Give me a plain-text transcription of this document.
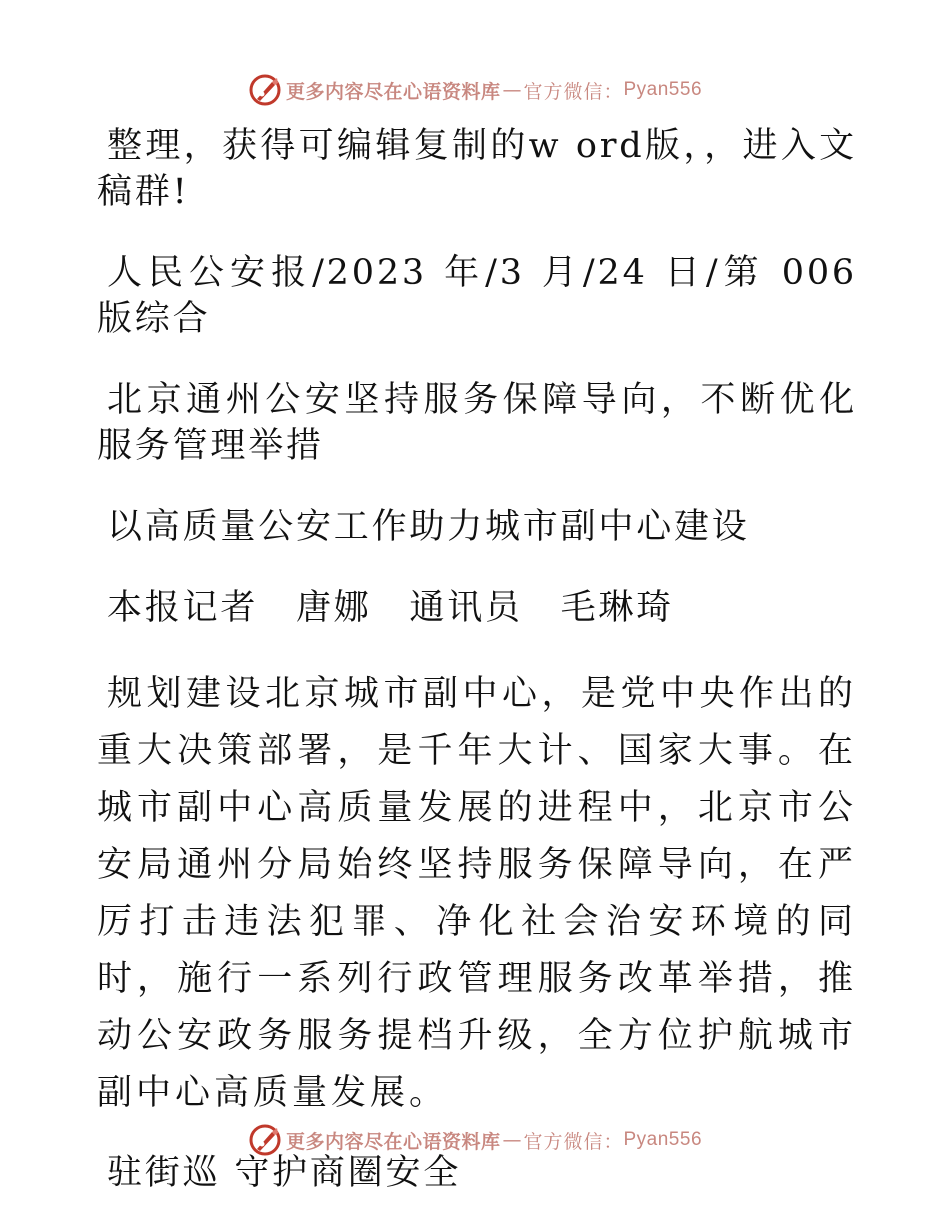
更多内容尽在心语资料库 — 官方微信： Pyan556

整理，获得可编辑复制的w ord版，，进入文稿群!

人民公安报/2023 年/3 月/24 日/第 006 版综合

北京通州公安坚持服务保障导向，不断优化服务管理举措

以高质量公安工作助力城市副中心建设

本报记者　唐娜　通讯员　毛琳琦

规划建设北京城市副中心，是党中央作出的重大决策部署，是千年大计、国家大事。在城市副中心高质量发展的进程中，北京市公安局通州分局始终坚持服务保障导向，在严厉打击违法犯罪、净化社会治安环境的同时，施行一系列行政管理服务改革举措，推动公安政务服务提档升级，全方位护航城市副中心高质量发展。

驻街巡 守护商圈安全

更多内容尽在心语资料库 — 官方微信： Pyan556
